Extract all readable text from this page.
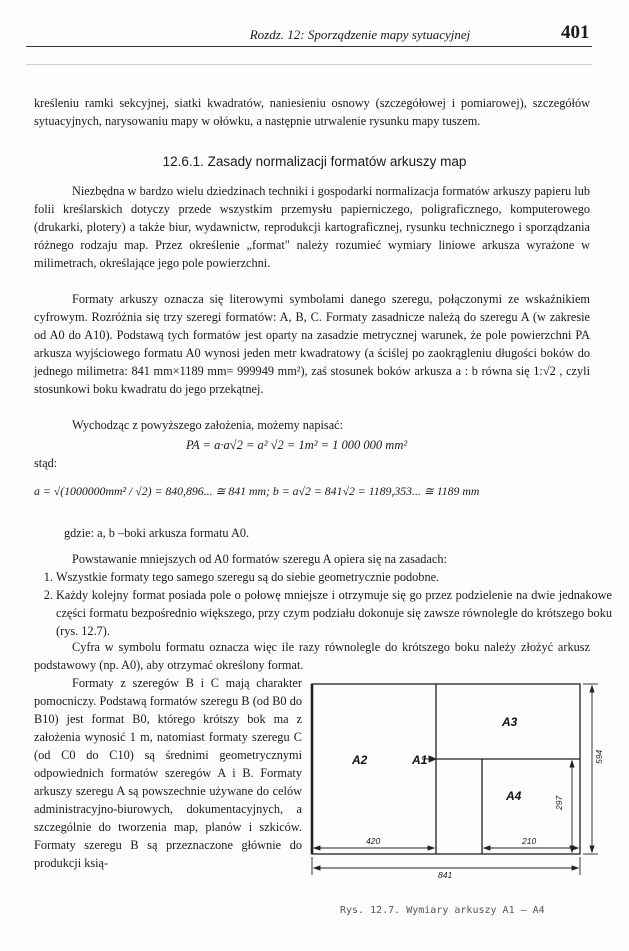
Rozdz. 12: Sporządzenie mapy sytuacyjnej	401

kreśleniu ramki sekcyjnej, siatki kwadratów, naniesieniu osnowy (szczegółowej i pomiarowej), szczegółów sytuacyjnych, narysowaniu mapy w ołówku, a następnie utrwalenie rysunku mapy tuszem.

12.6.1. Zasady normalizacji formatów arkuszy map

Niezbędna w bardzo wielu dziedzinach techniki i gospodarki normalizacja formatów arkuszy papieru lub folii kreślarskich dotyczy przede wszystkim przemysłu papierniczego, poligraficznego, komputerowego (drukarki, plotery) a także biur, wydawnictw, reprodukcji kartograficznej, rysunku technicznego i sporządzania różnego rodzaju map. Przez określenie „format" należy rozumieć wymiary liniowe arkusza wyrażone w milimetrach, określające jego pole powierzchni.

Formaty arkuszy oznacza się literowymi symbolami danego szeregu, połączonymi ze wskaźnikiem cyfrowym. Rozróżnia się trzy szeregi formatów: A, B, C. Formaty zasadnicze należą do szeregu A (w zakresie od A0 do A10). Podstawą tych formatów jest oparty na zasadzie metrycznej warunek, że pole powierzchni PA arkusza wyjściowego formatu A0 wynosi jeden metr kwadratowy (a ściślej po zaokrągleniu długości boków do jednego milimetra: 841 mm×1189 mm= 999949 mm²), zaś stosunek boków arkusza a : b równa się 1:√2 , czyli stosunkowi boku kwadratu do jego przekątnej.

Wychodząc z powyższego założenia, możemy napisać:

PA = a·a√2 = a² √2 = 1m² = 1 000 000 mm²

stąd:

a = √(1000000mm² / √2) = 840,896... ≅ 841 mm; b = a√2 = 841√2 = 1189,353... ≅ 1189 mm

gdzie: a, b –boki arkusza formatu A0.

Powstawanie mniejszych od A0 formatów szeregu A opiera się na zasadach:

1. Wszystkie formaty tego samego szeregu są do siebie geometrycznie podobne.
2. Każdy kolejny format posiada pole o połowę mniejsze i otrzymuje się go przez podzielenie na dwie jednakowe części formatu bezpośrednio większego, przy czym podziału dokonuje się zawsze równolegle do krótszego boku (rys. 12.7).

Cyfra w symbolu formatu oznacza więc ile razy równolegle do krótszego boku należy złożyć arkusz podstawowy (np. A0), aby otrzymać określony format.

Formaty z szeregów B i C mają charakter pomocniczy. Podstawą formatów szeregu B (od B0 do B10) jest format B0, którego krótszy bok ma z założenia wynosić 1 m, natomiast formaty szeregu C (od C0 do C10) są średnimi geometrycznymi odpowiednich formatów szeregów A i B. Formaty arkuszy szeregu A są powszechnie używane do celów administracyjno-biurowych, dokumentacyjnych, a szczególnie do tworzenia map, planów i szkiców. Formaty szeregu B są przeznaczone głównie do produkcji ksią-

A2	A1
A3
A4
420	210
841
594
297
Rys. 12.7. Wymiary arkuszy A1 – A4
